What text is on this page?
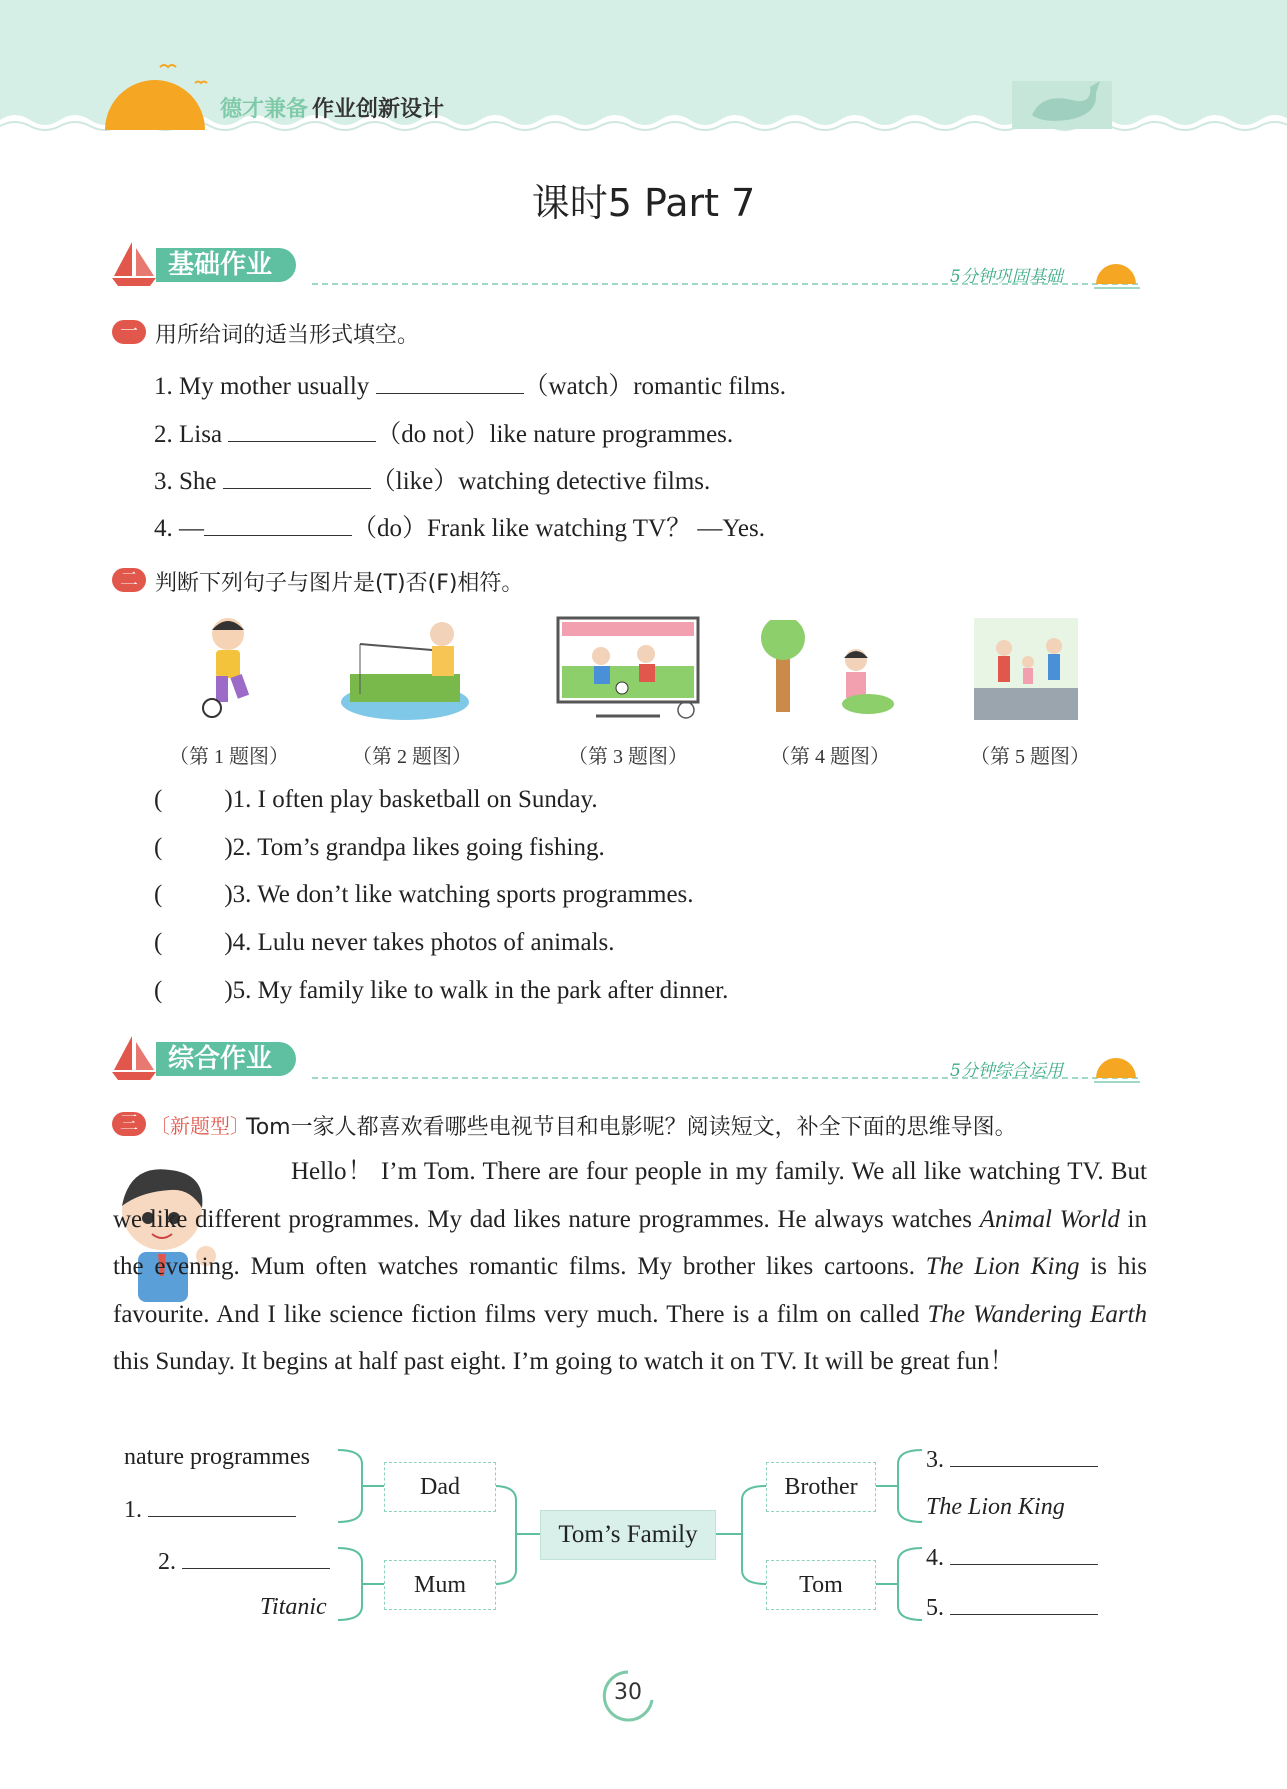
德才兼备 作业创新设计
课时5 Part 7
基础作业	5分钟巩固基础
一 用所给词的适当形式填空。
1. My mother usually	（watch）romantic films.
2. Lisa	（do not）like nature programmes.
3. She	（like）watching detective films.
4. —	（do）Frank like watching TV？ —Yes.
二 判断下列句子与图片是(T)否(F)相符。
（第 1 题图）	（第 2 题图）	（第 3 题图）	（第 4 题图）	（第 5 题图）
( )1. I often play basketball on Sunday.
( )2. Tom’s grandpa likes going fishing.
( )3. We don’t like watching sports programmes.
( )4. Lulu never takes photos of animals.
( )5. My family like to walk in the park after dinner.
综合作业	5分钟综合运用
三 〔新题型〕
Tom一家人都喜欢看哪些电视节目和电影呢？阅读短文，补全下面的思维导图。
Hello！ I’m Tom. There are four people in my family. We all like watching TV. But we like different programmes. My dad likes nature programmes. He always watches Animal World in the evening. Mum often watches romantic films. My brother likes cartoons. The Lion King is his favourite. And I like science fiction films very much. There is a film on called The Wandering Earth this Sunday. It begins at half past eight. I’m going to watch it on TV. It will be great fun！
nature programmes
1.
2.
Titanic
Dad
Mum
Tom’s Family
Brother
Tom
3.
The Lion King
4.
5.
30
